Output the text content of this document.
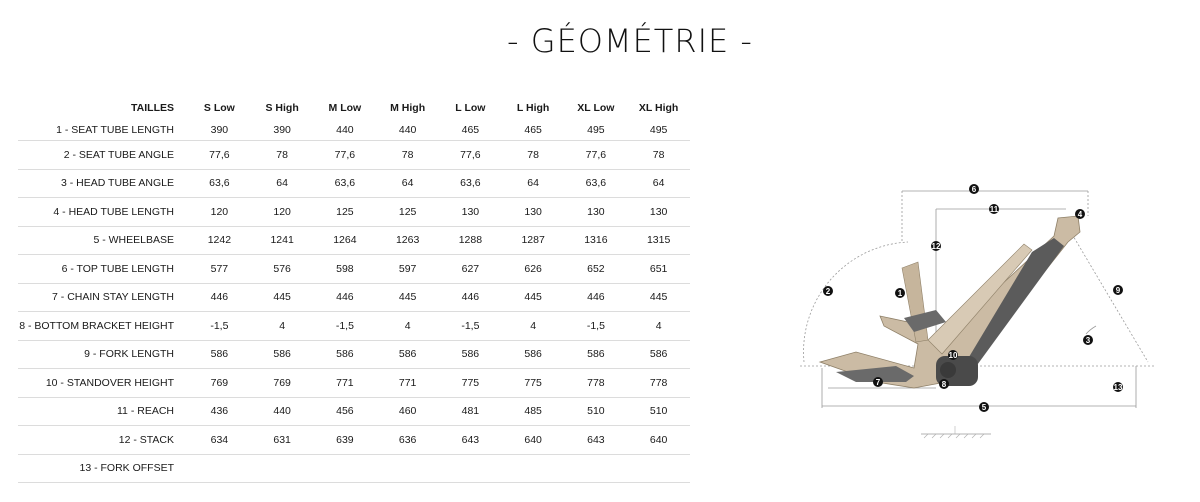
- GÉOMÉTRIE -
TAILLES	S Low	S High	M Low	M High	L Low	L High	XL Low	XL High
1 - SEAT TUBE LENGTH	390	390	440	440	465	465	495	495
2 - SEAT TUBE ANGLE	77,6	78	77,6	78	77,6	78	77,6	78
3 - HEAD TUBE ANGLE	63,6	64	63,6	64	63,6	64	63,6	64
4 - HEAD TUBE LENGTH	120	120	125	125	130	130	130	130
5 - WHEELBASE	1242	1241	1264	1263	1288	1287	1316	1315
6 - TOP TUBE LENGTH	577	576	598	597	627	626	652	651
7 - CHAIN STAY LENGTH	446	445	446	445	446	445	446	445
8 - BOTTOM BRACKET HEIGHT	-1,5	4	-1,5	4	-1,5	4	-1,5	4
9 - FORK LENGTH	586	586	586	586	586	586	586	586
10 - STANDOVER HEIGHT	769	769	771	771	775	775	778	778
11 - REACH	436	440	456	460	481	485	510	510
12 - STACK	634	631	639	636	643	640	643	640
13 - FORK OFFSET								
6
11
4
12
2	1	9
3
10
8
7
13
5
